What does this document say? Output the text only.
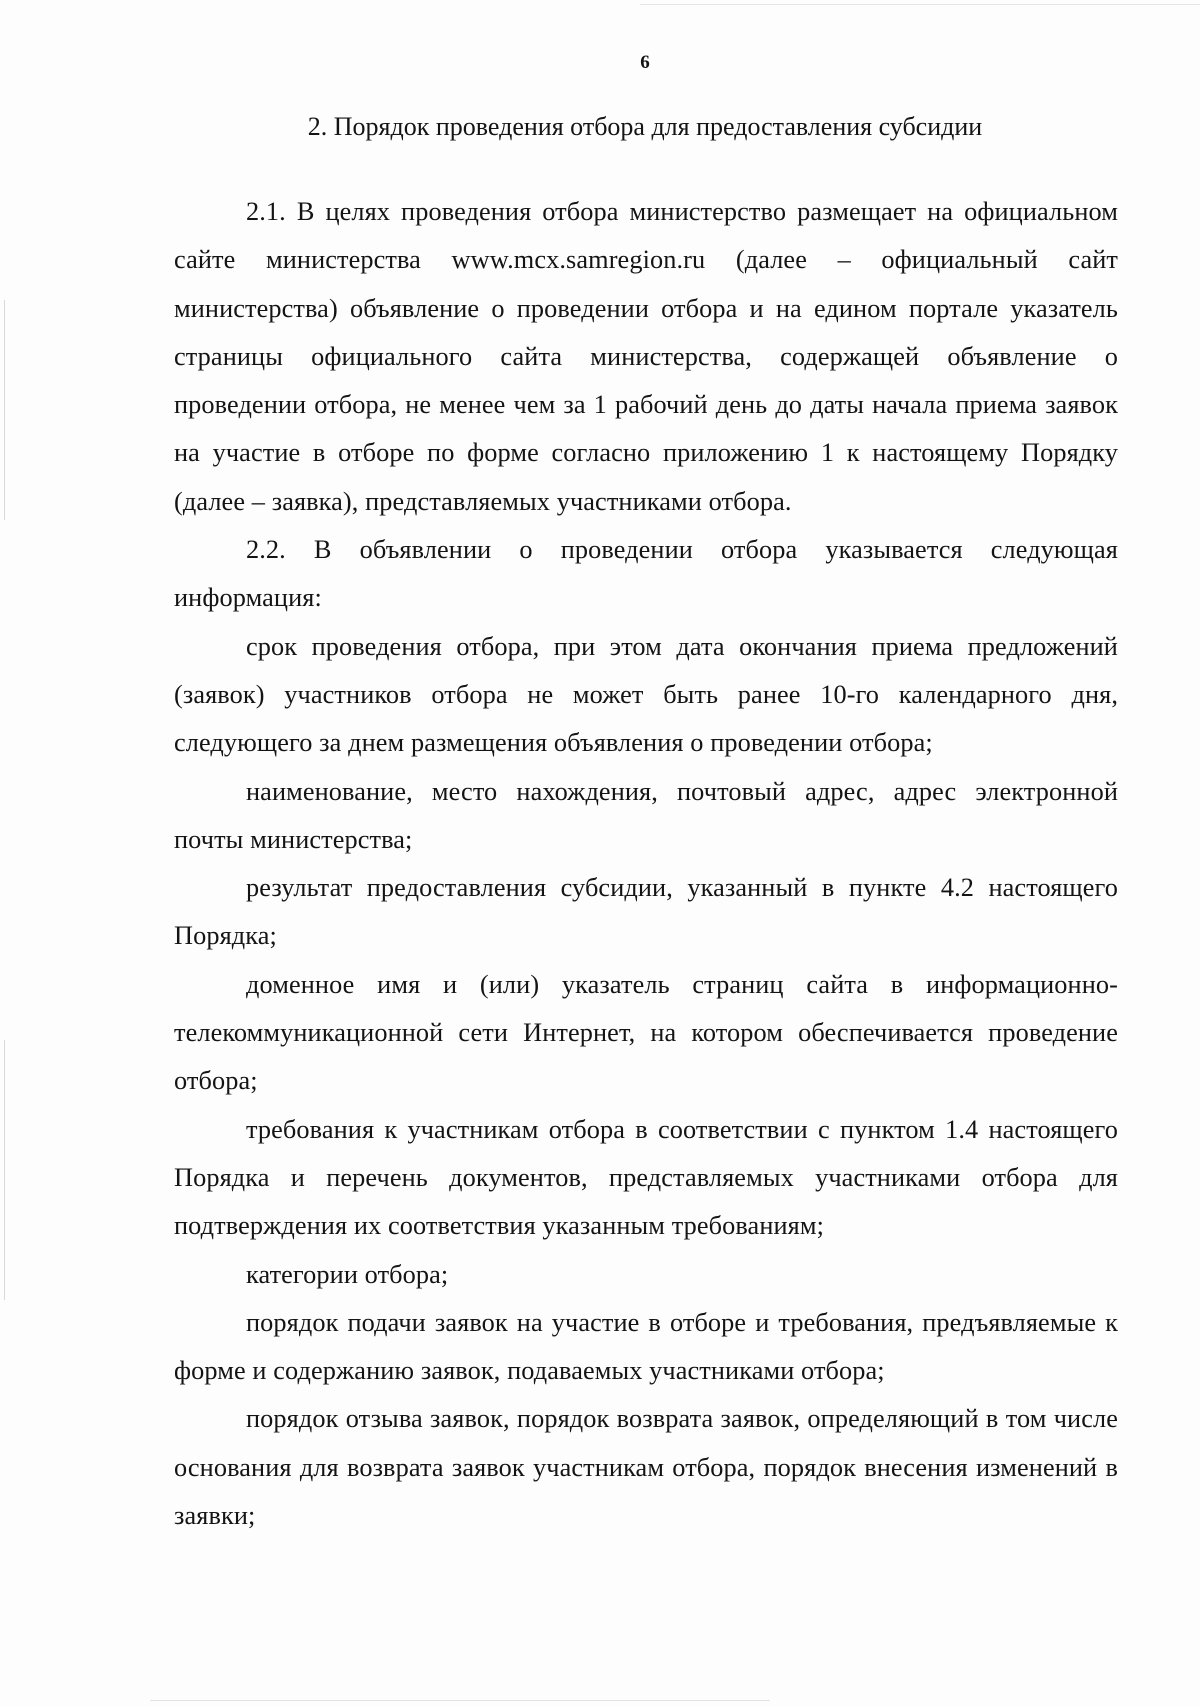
6
2. Порядок проведения отбора для предоставления субсидии

2.1. В целях проведения отбора министерство размещает на официальном сайте министерства www.mcx.samregion.ru (далее – официальный сайт министерства) объявление о проведении отбора и на едином портале указатель страницы официального сайта министерства, содержащей объявление о проведении отбора, не менее чем за 1 рабочий день до даты начала приема заявок на участие в отборе по форме согласно приложению 1 к настоящему Порядку (далее – заявка), представляемых участниками отбора.

2.2. В объявлении о проведении отбора указывается следующая информация:

срок проведения отбора, при этом дата окончания приема предложений (заявок) участников отбора не может быть ранее 10-го календарного дня, следующего за днем размещения объявления о проведении отбора;

наименование, место нахождения, почтовый адрес, адрес электронной почты министерства;

результат предоставления субсидии, указанный в пункте 4.2 настоящего Порядка;

доменное имя и (или) указатель страниц сайта в информационно-телекоммуникационной сети Интернет, на котором обеспечивается проведение отбора;

требования к участникам отбора в соответствии с пунктом 1.4 настоящего Порядка и перечень документов, представляемых участниками отбора для подтверждения их соответствия указанным требованиям;

категории отбора;

порядок подачи заявок на участие в отборе и требования, предъявляемые к форме и содержанию заявок, подаваемых участниками отбора;

порядок отзыва заявок, порядок возврата заявок, определяющий в том числе основания для возврата заявок участникам отбора, порядок внесения изменений в заявки;
